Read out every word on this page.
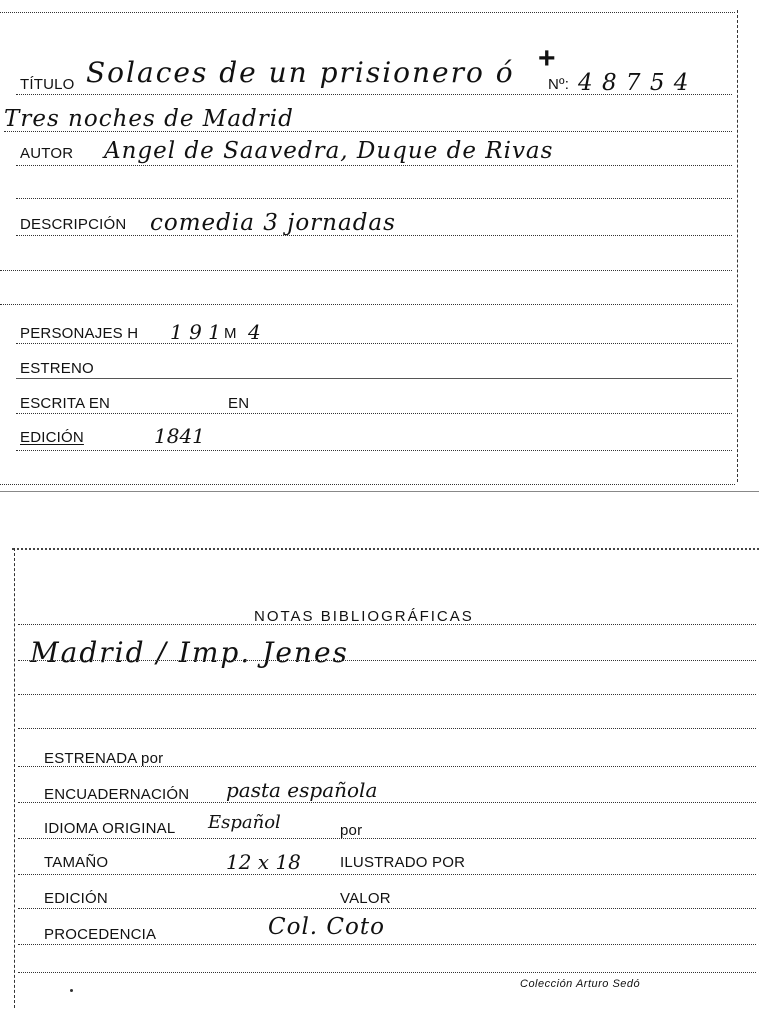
TÍTULO Solaces de un prisionero ó Nº: 4 8 7 5 4
+
Tres noches de Madrid
AUTOR Angel de Saavedra, Duque de Rivas
DESCRIPCIÓN comedia 3 jornadas
PERSONAJES H 1 9 1 M 4
ESTRENO
ESCRITA EN	EN
EDICIÓN	1841
NOTAS BIBLIOGRÁFICAS
Madrid / Imp. Jenes
ESTRENADA por
ENCUADERNACIÓN pasta española
IDIOMA ORIGINAL Español	por
TAMAÑO	12 x 18	ILUSTRADO POR
EDICIÓN	VALOR
PROCEDENCIA	Col. Coto
Colección Arturo Sedó
